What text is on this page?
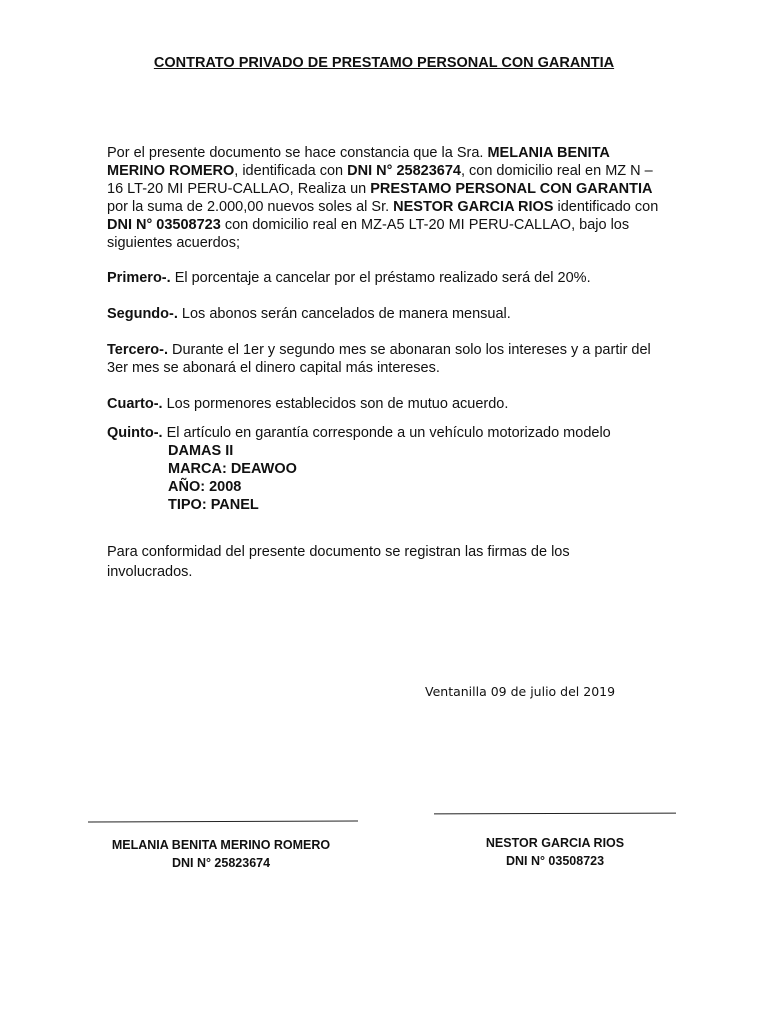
CONTRATO PRIVADO DE PRESTAMO PERSONAL CON GARANTIA
Por el presente documento se hace constancia que la Sra. MELANIA BENITA MERINO ROMERO, identificada con DNI N° 25823674, con domicilio real en MZ N – 16 LT-20 MI PERU-CALLAO, Realiza un PRESTAMO PERSONAL CON GARANTIA por la suma de 2.000,00 nuevos soles al Sr. NESTOR GARCIA RIOS identificado con DNI N° 03508723 con domicilio real en MZ-A5 LT-20 MI PERU-CALLAO, bajo los siguientes acuerdos;
Primero-. El porcentaje a cancelar por el préstamo realizado será del 20%.
Segundo-. Los abonos serán cancelados de manera mensual.
Tercero-. Durante el 1er y segundo mes se abonaran solo los intereses y a partir del 3er mes se abonará el dinero capital más intereses.
Cuarto-. Los pormenores establecidos son de mutuo acuerdo.
Quinto-. El artículo en garantía corresponde a un vehículo motorizado modelo
DAMAS II
MARCA: DEAWOO
AÑO: 2008
TIPO: PANEL
Para conformidad del presente documento se registran las firmas de los involucrados.
Ventanilla 09 de julio del 2019
MELANIA BENITA MERINO ROMERO
DNI N° 25823674
NESTOR GARCIA RIOS
DNI N° 03508723
